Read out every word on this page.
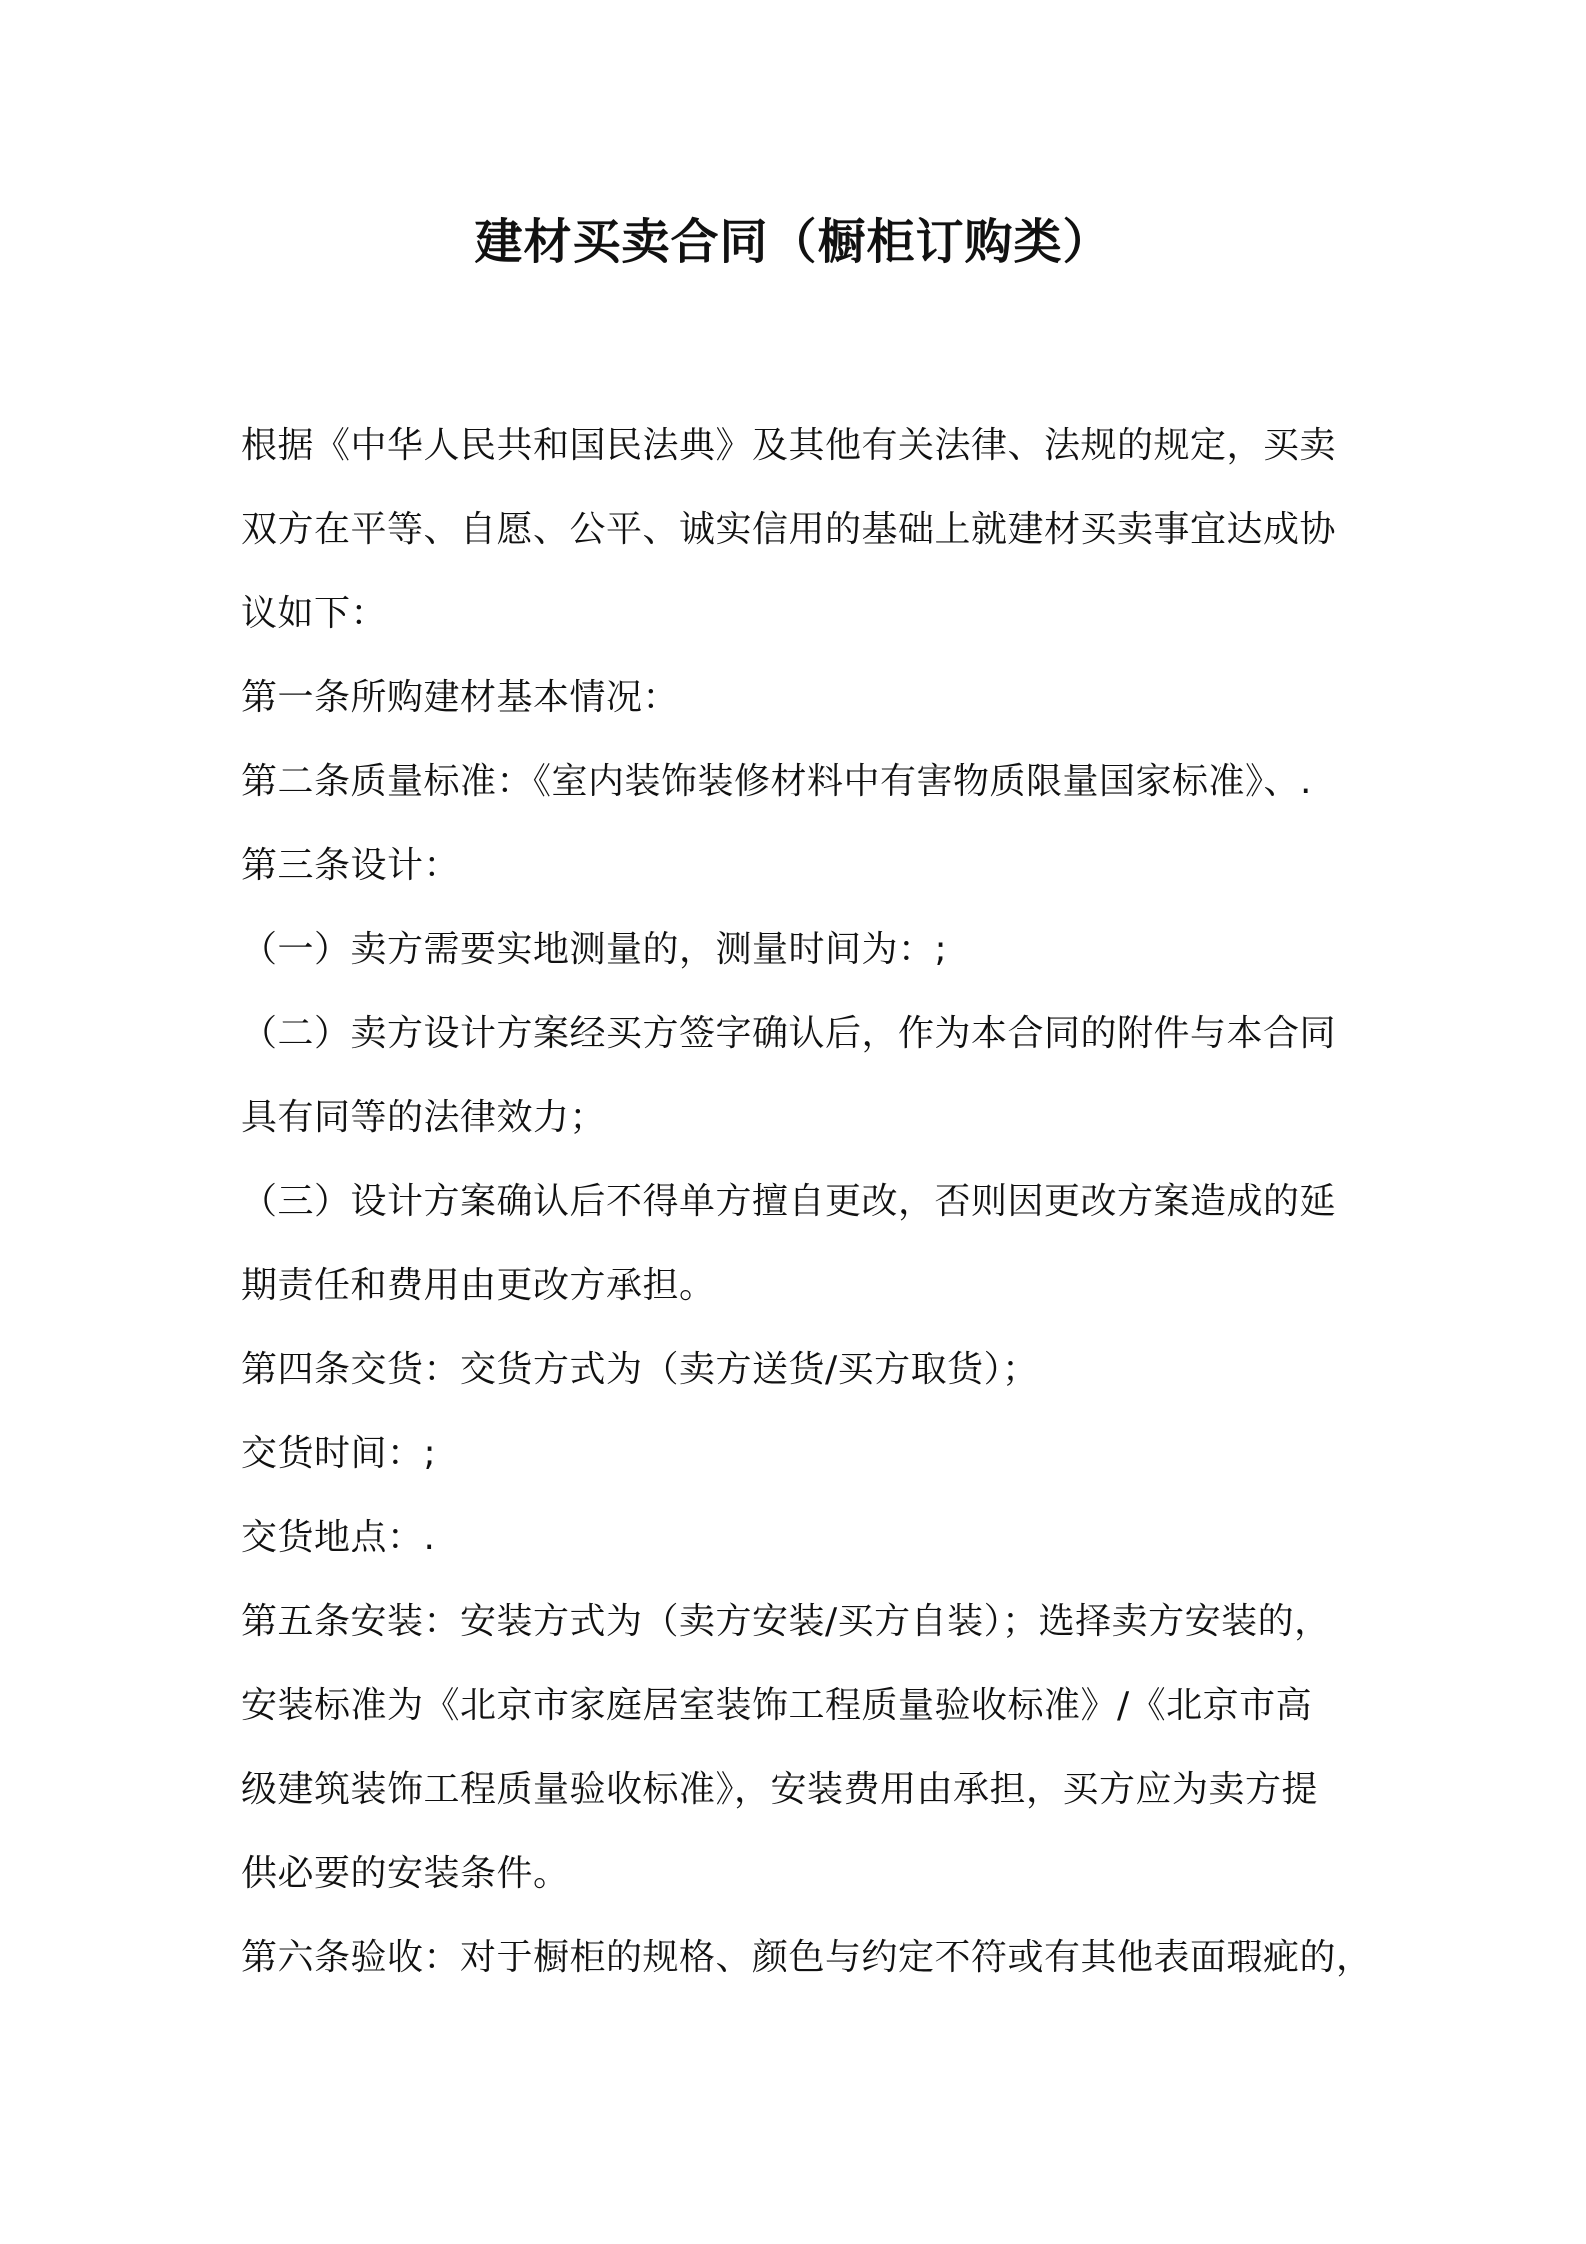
建材买卖合同（橱柜订购类）
根据《中华人民共和国民法典》及其他有关法律、法规的规定，买卖
双方在平等、自愿、公平、诚实信用的基础上就建材买卖事宜达成协
议如下：
第一条所购建材基本情况：
第二条质量标准：《室内装饰装修材料中有害物质限量国家标准》、.
第三条设计：
（一）卖方需要实地测量的，测量时间为：;
（二）卖方设计方案经买方签字确认后，作为本合同的附件与本合同
具有同等的法律效力；
（三）设计方案确认后不得单方擅自更改，否则因更改方案造成的延
期责任和费用由更改方承担。
第四条交货：交货方式为（卖方送货/买方取货）；
交货时间：;
交货地点：.
第五条安装：安装方式为（卖方安装/买方自装）；选择卖方安装的，
安装标准为《北京市家庭居室装饰工程质量验收标准》/《北京市高
级建筑装饰工程质量验收标准》，安装费用由承担，买方应为卖方提
供必要的安装条件。
第六条验收：对于橱柜的规格、颜色与约定不符或有其他表面瑕疵的，
